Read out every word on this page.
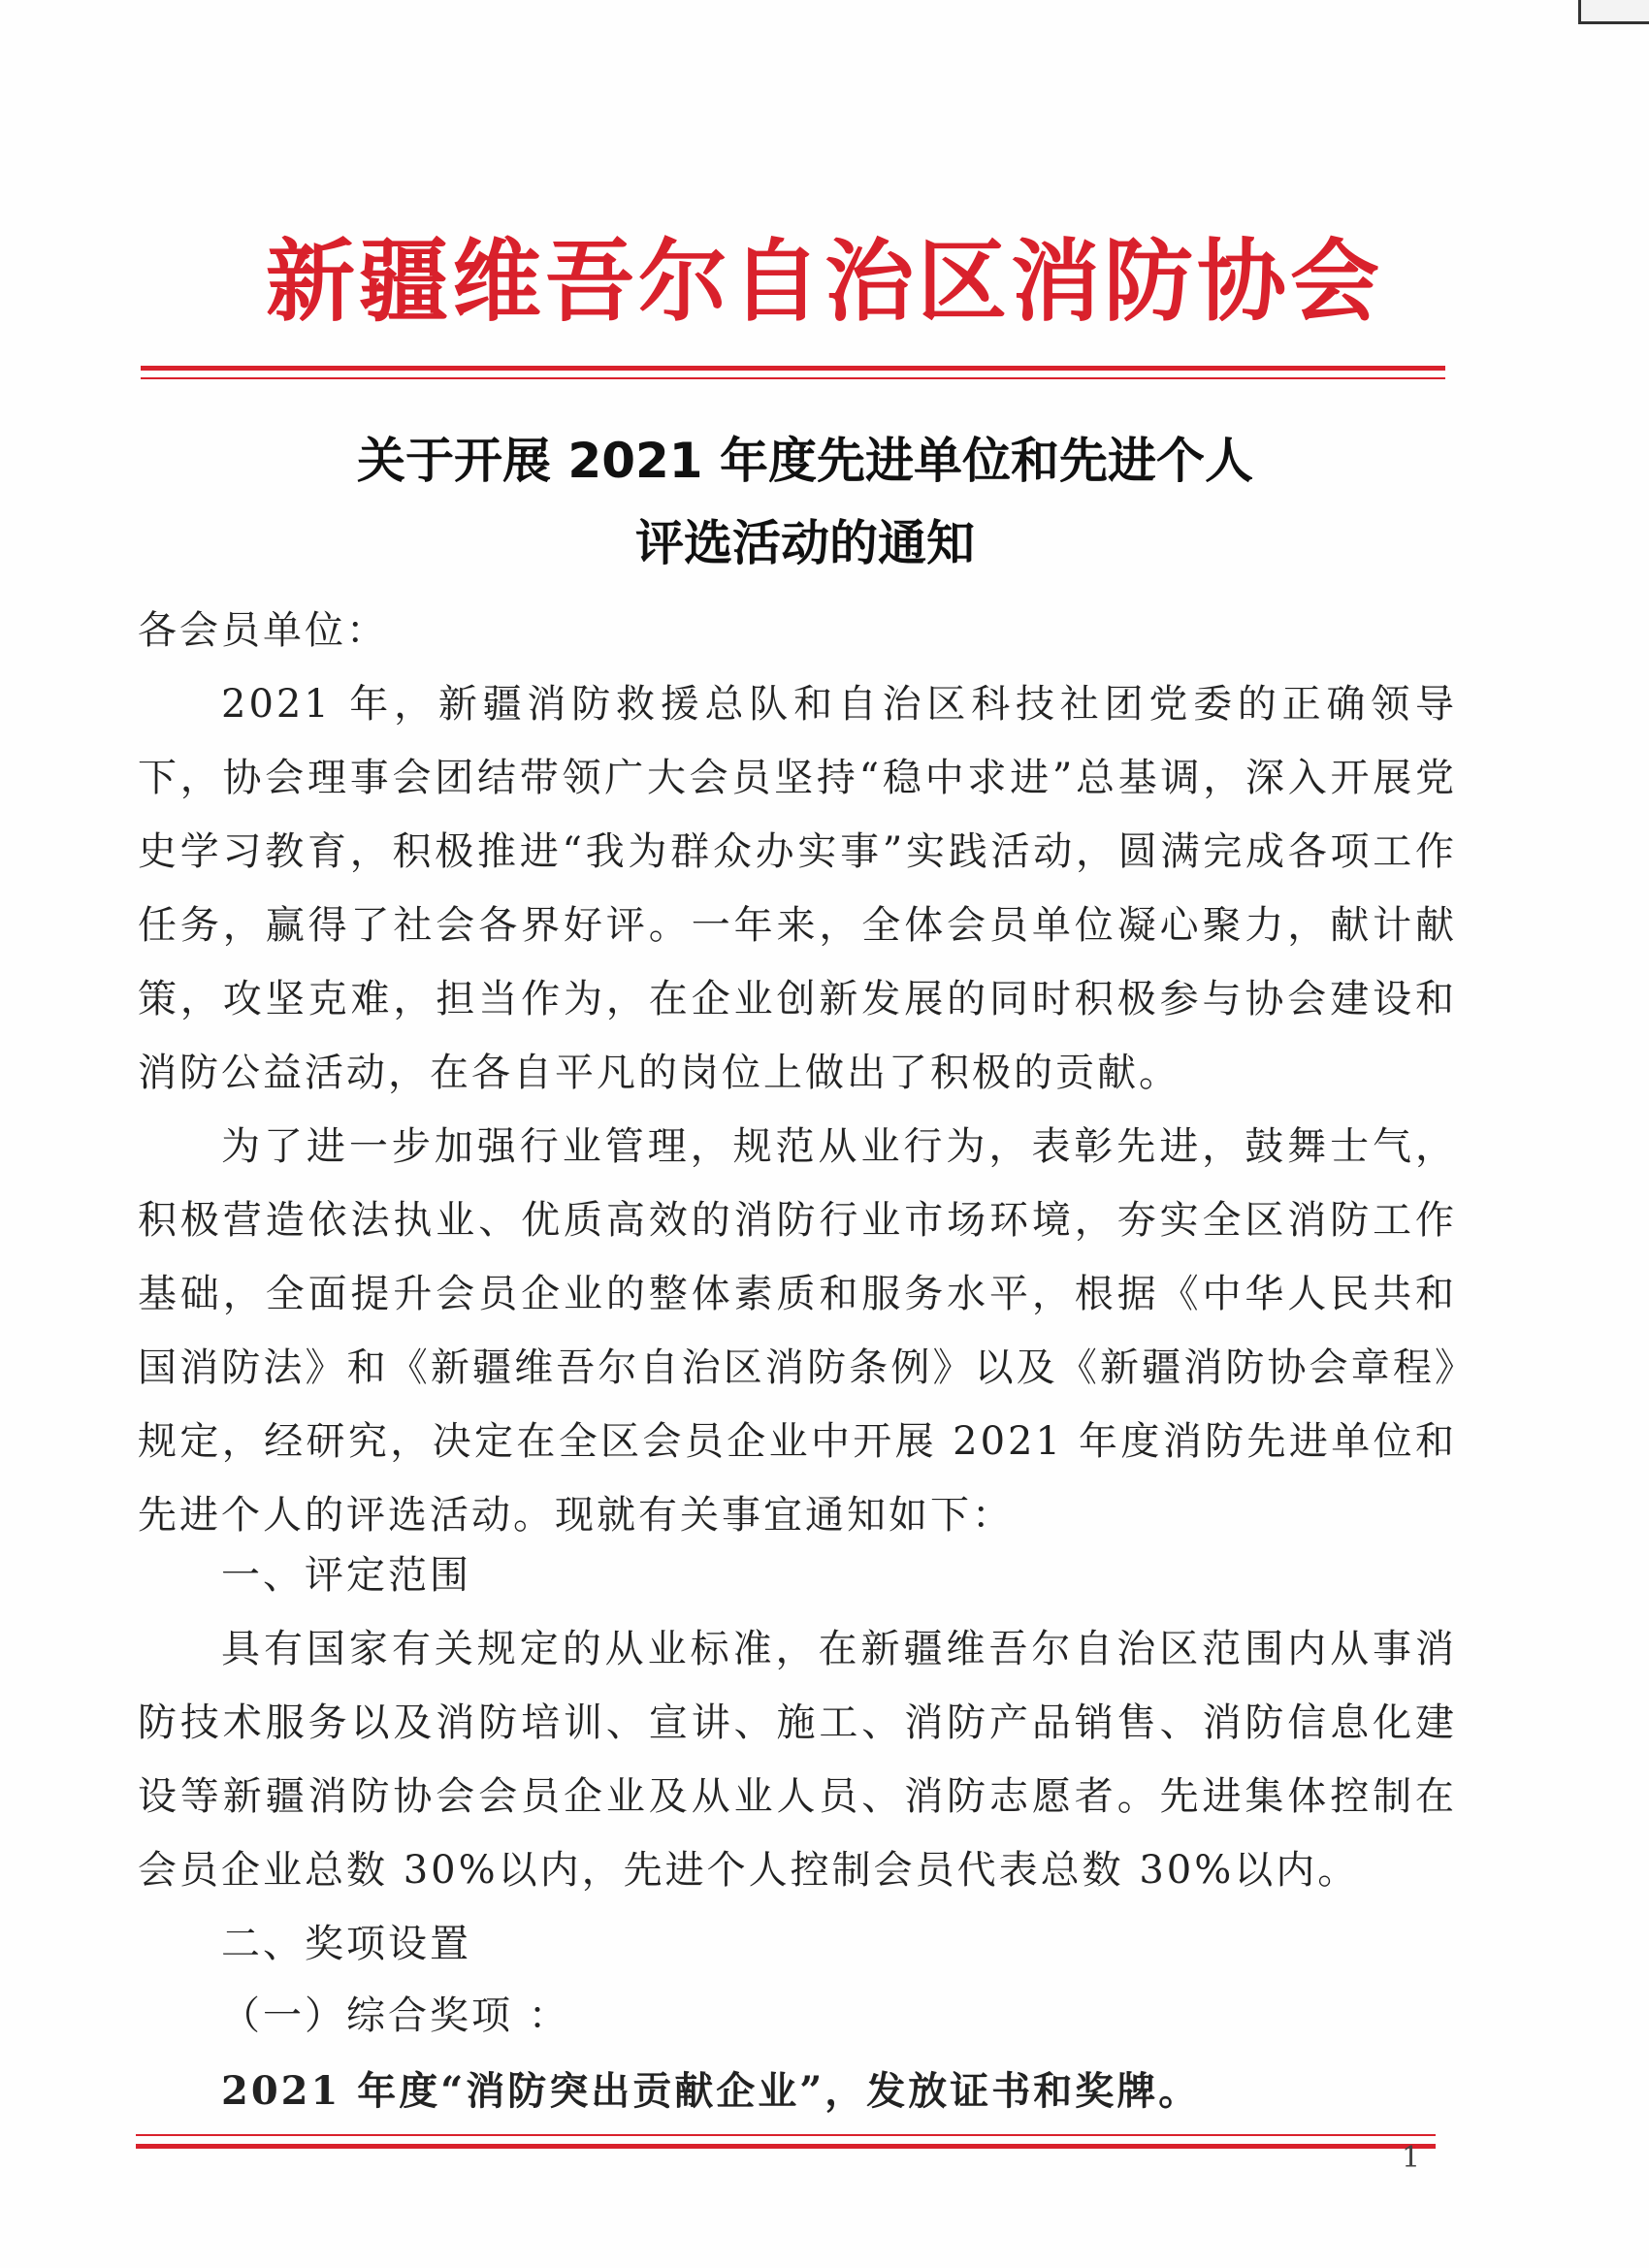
新疆维吾尔自治区消防协会
关于开展 2021 年度先进单位和先进个人
评选活动的通知
各会员单位：
2021 年，新疆消防救援总队和自治区科技社团党委的正确领导下，协会理事会团结带领广大会员坚持“稳中求进”总基调，深入开展党史学习教育，积极推进“我为群众办实事”实践活动，圆满完成各项工作任务，赢得了社会各界好评。一年来，全体会员单位凝心聚力，献计献策，攻坚克难，担当作为，在企业创新发展的同时积极参与协会建设和消防公益活动，在各自平凡的岗位上做出了积极的贡献。
为了进一步加强行业管理，规范从业行为，表彰先进，鼓舞士气，积极营造依法执业、优质高效的消防行业市场环境，夯实全区消防工作基础，全面提升会员企业的整体素质和服务水平，根据《中华人民共和国消防法》和《新疆维吾尔自治区消防条例》以及《新疆消防协会章程》规定，经研究，决定在全区会员企业中开展 2021 年度消防先进单位和先进个人的评选活动。现就有关事宜通知如下：
一、评定范围
具有国家有关规定的从业标准，在新疆维吾尔自治区范围内从事消防技术服务以及消防培训、宣讲、施工、消防产品销售、消防信息化建设等新疆消防协会会员企业及从业人员、消防志愿者。先进集体控制在会员企业总数 30%以内，先进个人控制会员代表总数 30%以内。
二、奖项设置
（一）综合奖项 ：
2021 年度“消防突出贡献企业”，发放证书和奖牌。
1
